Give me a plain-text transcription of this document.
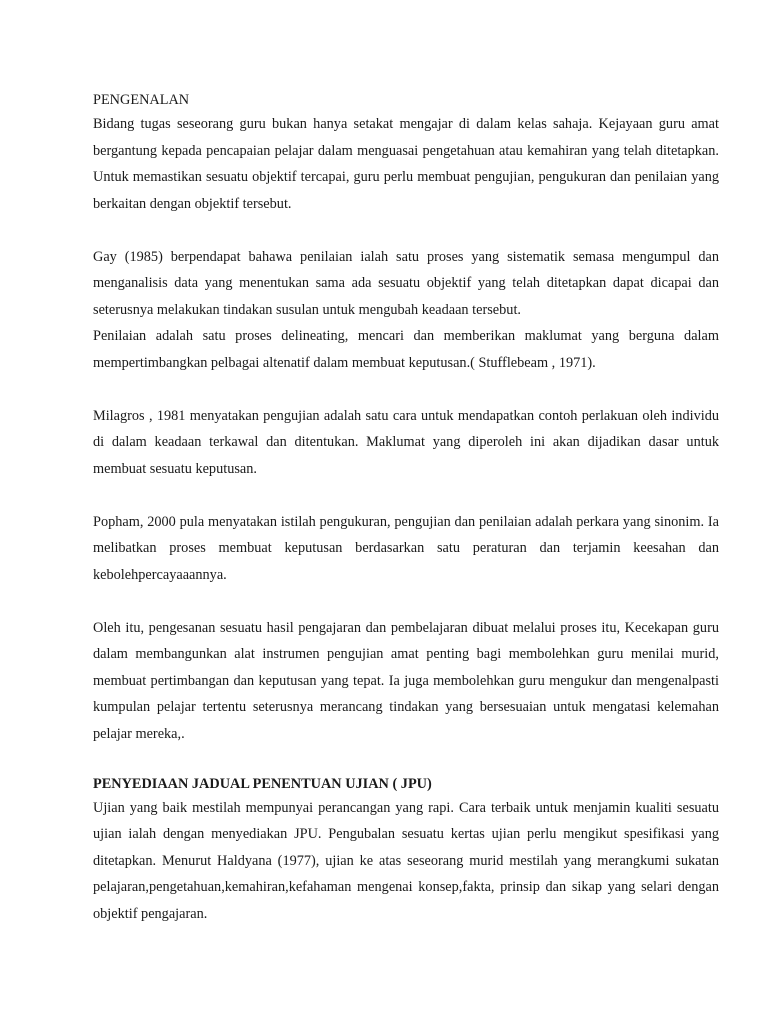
PENGENALAN

Bidang tugas seseorang guru bukan hanya setakat mengajar di dalam kelas sahaja. Kejayaan guru amat bergantung kepada pencapaian pelajar dalam menguasai pengetahuan atau kemahiran yang telah ditetapkan. Untuk memastikan sesuatu objektif tercapai, guru perlu membuat pengujian, pengukuran dan penilaian yang berkaitan dengan objektif tersebut.

Gay (1985) berpendapat bahawa penilaian ialah satu proses yang sistematik semasa mengumpul dan menganalisis data yang menentukan sama ada sesuatu objektif yang telah ditetapkan dapat dicapai dan seterusnya melakukan tindakan susulan untuk mengubah keadaan tersebut.

Penilaian adalah satu proses delineating, mencari dan memberikan maklumat yang berguna dalam mempertimbangkan pelbagai altenatif dalam membuat keputusan.( Stufflebeam , 1971).

Milagros , 1981 menyatakan pengujian adalah satu cara untuk mendapatkan contoh perlakuan oleh individu di dalam keadaan terkawal dan ditentukan. Maklumat yang diperoleh ini akan dijadikan dasar untuk membuat sesuatu keputusan.

Popham, 2000 pula menyatakan istilah pengukuran, pengujian dan penilaian adalah perkara yang sinonim. Ia melibatkan proses membuat keputusan berdasarkan satu peraturan dan terjamin keesahan dan kebolehpercayaaannya.

Oleh itu, pengesanan sesuatu hasil pengajaran dan pembelajaran dibuat melalui proses itu, Kecekapan guru dalam membangunkan alat instrumen pengujian amat penting bagi membolehkan guru menilai murid, membuat pertimbangan dan keputusan yang tepat. Ia juga membolehkan guru mengukur dan mengenalpasti kumpulan pelajar tertentu seterusnya merancang tindakan yang bersesuaian untuk mengatasi kelemahan pelajar mereka,.

PENYEDIAAN JADUAL PENENTUAN UJIAN ( JPU)

Ujian yang baik mestilah mempunyai perancangan yang rapi. Cara terbaik untuk menjamin kualiti sesuatu ujian ialah dengan menyediakan JPU. Pengubalan sesuatu kertas ujian perlu mengikut spesifikasi yang ditetapkan. Menurut Haldyana (1977), ujian ke atas seseorang murid mestilah yang merangkumi sukatan pelajaran,pengetahuan,kemahiran,kefahaman mengenai konsep,fakta, prinsip dan sikap yang selari dengan objektif pengajaran.
